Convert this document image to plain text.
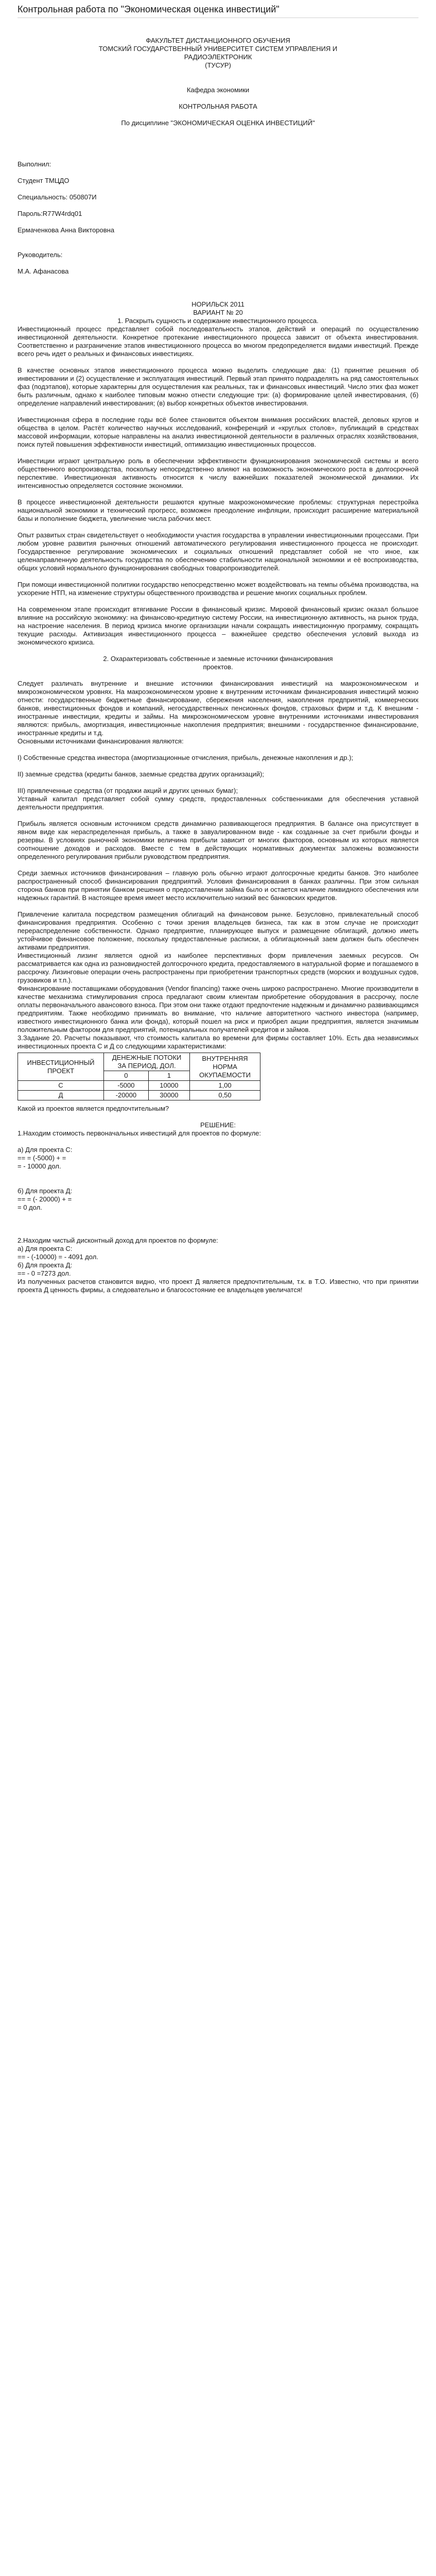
Контрольная работа по "Экономическая оценка инвестиций"

ФАКУЛЬТЕТ ДИСТАНЦИОННОГО ОБУЧЕНИЯ

ТОМСКИЙ ГОСУДАРСТВЕННЫЙ УНИВЕРСИТЕТ СИСТЕМ УПРАВЛЕНИЯ И

РАДИОЭЛЕКТРОНИК

(ТУСУР)

Кафедра экономики

КОНТРОЛЬНАЯ РАБОТА

По дисциплине "ЭКОНОМИЧЕСКАЯ ОЦЕНКА ИНВЕСТИЦИЙ"

Выполнил:

Студент ТМЦДО

Специальность: 050807И

Пароль:R77W4rdq01

Ермаченкова Анна Викторовна

Руководитель:

М.А. Афанасова

НОРИЛЬСК 2011

ВАРИАНТ № 20

1. Раскрыть сущность и содержание инвестиционного процесса.

Инвестиционный процесс представляет собой последовательность этапов, действий и операций по осуществлению инвестиционной деятельности. Конкретное протекание инвестиционного процесса зависит от объекта инвестирования. Соответственно и разграничение этапов инвестиционного процесса во многом предопределяется видами инвестиций. Прежде всего речь идет о реальных и финансовых инвестициях.

В качестве основных этапов инвестиционного процесса можно выделить следующие два: (1) принятие решения об инвестировании и (2) осуществление и эксплуатация инвестиций. Первый этап принято подразделять на ряд самостоятельных фаз (подэтапов), которые характерны для осуществления как реальных, так и финансовых инвестиций. Число этих фаз может быть различным, однако к наиболее типовым можно отнести следующие три: (а) формирование целей инвестирования, (б) определение направлений инвестирования; (в) выбор конкретных объектов инвестирования.

Инвестиционная сфера в последние годы всё более становится объектом внимания российских властей, деловых кругов и общества в целом. Растёт количество научных исследований, конференций и «круглых столов», публикаций в средствах массовой информации, которые направлены на анализ инвестиционной деятельности в различных отраслях хозяйствования, поиск путей повышения эффективности инвестиций, оптимизацию инвестиционных процессов.

Инвестиции играют центральную роль в обеспечении эффективности функционирования экономической системы и всего общественного воспроизводства, поскольку непосредственно влияют на возможность экономического роста в долгосрочной перспективе. Инвестиционная активность относится к числу важнейших показателей экономической динамики. Их интенсивностью определяется состояние экономики.

В процессе инвестиционной деятельности решаются крупные макроэкономические проблемы: структурная перестройка национальной экономики и технический прогресс, возможен преодоление инфляции, происходит расширение материальной базы и пополнение бюджета, увеличение числа рабочих мест.

Опыт развитых стран свидетельствует о необходимости участия государства в управлении инвестиционными процессами. При любом уровне развития рыночных отношений автоматического регулирования инвестиционного процесса не происходит. Государственное регулирование экономических и социальных отношений представляет собой не что иное, как целенаправленную деятельность государства по обеспечению стабильности национальной экономики и её воспроизводства, общих условий нормального функционирования свободных товаропроизводителей.

При помощи инвестиционной политики государство непосредственно может воздействовать на темпы объёма производства, на ускорение НТП, на изменение структуры общественного производства и решение многих социальных проблем.

На современном этапе происходит втягивание России в финансовый кризис. Мировой финансовый кризис оказал большое влияние на российскую экономику: на финансово-кредитную систему России, на инвестиционную активность, на рынок труда, на настроение населения. В период кризиса многие организации начали сокращать инвестиционную программу, сокращать текущие расходы. Активизация инвестиционного процесса – важнейшее средство обеспечения условий выхода из экономического кризиса.

2. Охарактеризовать собственные и заемные источники финансирования

проектов.

Следует различать внутренние и внешние источники финансирования инвестиций на макроэкономическом и микроэкономическом уровнях. На макроэкономическом уровне к внутренним источникам финансирования инвестиций можно отнести: государственные бюджетные финансирование, сбережения населения, накопления предприятий, коммерческих банков, инвестиционных фондов и компаний, негосударственных пенсионных фондов, страховых фирм и т.д. К внешним - иностранные инвестиции, кредиты и займы. На микроэкономическом уровне внутренними источниками инвестирования являются: прибыль, амортизация, инвестиционные накопления предприятия; внешними - государственное финансирование, иностранные кредиты и т.д.

Основными источниками финансирования являются:

I) Собственные средства инвестора (амортизационные отчисления, прибыль, денежные накопления и др.);

II) заемные средства (кредиты банков, заемные средства других организаций);

III) привлеченные средства (от продажи акций и других ценных бумаг);

Уставный капитал представляет собой сумму средств, предоставленных собственниками для обеспечения уставной деятельности предприятия.

Прибыль является основным источником средств динамично развивающегося предприятия. В балансе она присутствует в явном виде как нераспределенная прибыль, а также в завуалированном виде - как созданные за счет прибыли фонды и резервы. В условиях рыночной экономики величина прибыли зависит от многих факторов, основным из которых является соотношение доходов и расходов. Вместе с тем в действующих нормативных документах заложены возможности определенного регулирования прибыли руководством предприятия.

Среди заемных источников финансирования – главную роль обычно играют долгосрочные кредиты банков. Это наиболее распространенный способ финансирования предприятий. Условия финансирования в банках различны. При этом сильная сторона банков при принятии банком решения о предоставлении займа было и остается наличие ликвидного обеспечения или надежных гарантий. В настоящее время имеет место исключительно низкий вес банковских кредитов.

Привлечение капитала посредством размещения облигаций на финансовом рынке. Безусловно, привлекательный способ финансирования предприятия. Особенно с точки зрения владельцев бизнеса, так как в этом случае не происходит перераспределение собственности. Однако предприятие, планирующее выпуск и размещение облигаций, должно иметь устойчивое финансовое положение, поскольку предоставленные расписки, а облигационный заем должен быть обеспечен активами предприятия.

Инвестиционный лизинг является одной из наиболее перспективных форм привлечения заемных ресурсов. Он рассматривается как одна из разновидностей долгосрочного кредита, предоставляемого в натуральной форме и погашаемого в рассрочку. Лизинговые операции очень распространены при приобретении транспортных средств (морских и воздушных судов, грузовиков и т.п.).

Финансирование поставщиками оборудования (Vendor financing) также очень широко распространено. Многие производители в качестве механизма стимулирования спроса предлагают своим клиентам приобретение оборудования в рассрочку, после оплаты первоначального авансового взноса. При этом они также отдают предпочтение надежным и динамично развивающимся предприятиям. Также необходимо принимать во внимание, что наличие авторитетного частного инвестора (например, известного инвестиционного банка или фонда), который пошел на риск и приобрел акции предприятия, является значимым положительным фактором для предприятий, потенциальных получателей кредитов и займов.

3.Задание 20. Расчеты показывают, что стоимость капитала во времени для фирмы составляет 10%. Есть два независимых инвестиционных проекта С и Д со следующими характеристиками:

ИНВЕСТИЦИОННЫЙ ПРОЕКТ	ДЕНЕЖНЫЕ ПОТОКИ ЗА ПЕРИОД, ДОЛ.		ВНУТРЕННЯЯ НОРМА ОКУПАЕМОСТИ
	0	1	
С	-5000	10000	1,00
Д	-20000	30000	0,50

Какой из проектов является предпочтительным?

РЕШЕНИЕ:

1.Находим стоимость первоначальных инвестиций для проектов по формуле:

а) Для проекта С:

== = (-5000) + =

= - 10000 дол.

б) Для проекта Д:

== = (- 20000) + =

= 0 дол.

2.Находим чистый дисконтный доход для проектов по формуле:

а) Для проекта С:

== - (-10000) = - 4091 дол.

б) Для проекта Д:

== - 0 =7273 дол.

Из полученных расчетов становится видно, что проект Д является предпочтительным, т.к. в Т.О. Известно, что при принятии проекта Д ценность фирмы, а следовательно и благосостояние ее владельцев увеличатся!
